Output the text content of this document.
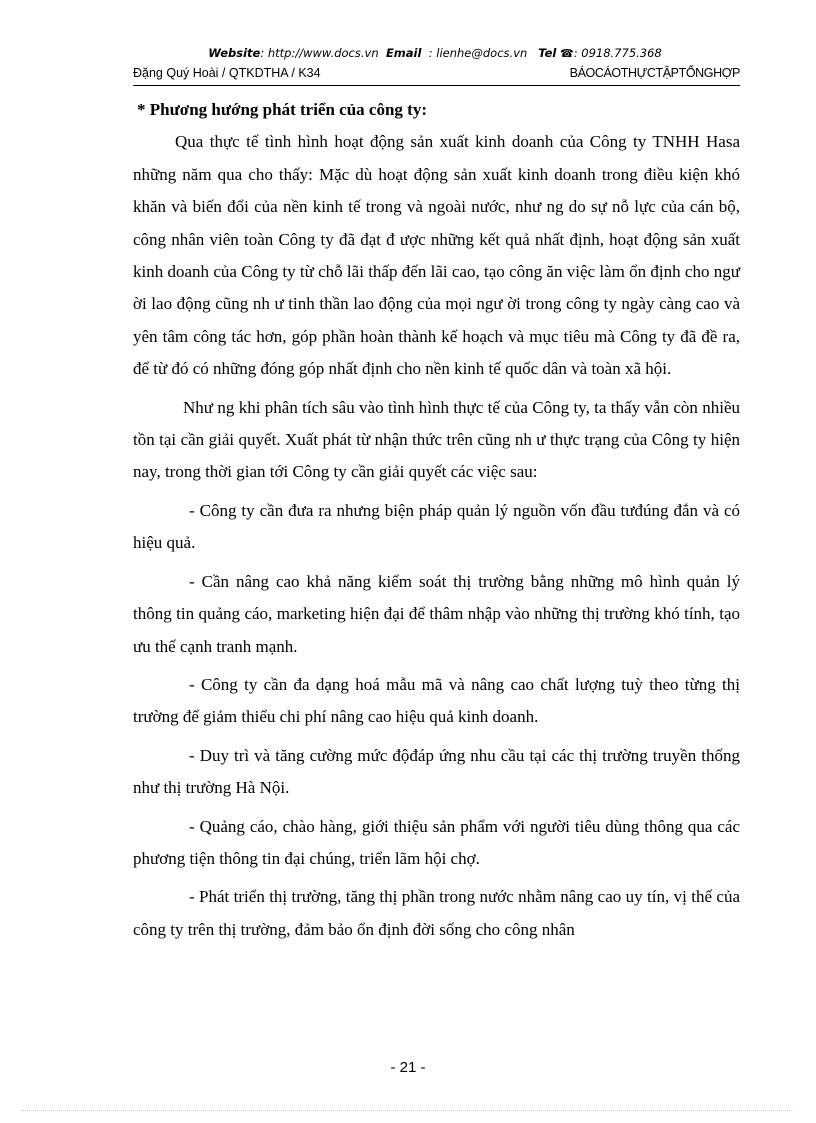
Website: http://www.docs.vn Email : lienhe@docs.vn Tel ☎: 0918.775.368
Đặng Quý Hoài / QTKDTHA / K34	BÁOCÁOTHỰCTẬPTỔNGHỢP

* Phương hướng phát triển của công ty:

Qua thực tế tình hình hoạt động sản xuất kinh doanh của Công ty TNHH Hasa những năm qua cho thấy: Mặc dù hoạt động sản xuất kinh doanh trong điều kiện khó khăn và biến đổi của nền kinh tế trong và ngoài nước, như ng do sự nỗ lực của cán bộ, công nhân viên toàn Công ty đã đạt đ ược những kết quả nhất định, hoạt động sản xuất kinh doanh của Công ty từ chỗ lãi thấp đến lãi cao, tạo công ăn việc làm ổn định cho ngư ời lao động cũng nh ư tinh thần lao động của mọi ngư ời trong công ty ngày càng cao và yên tâm công tác hơn, góp phần hoàn thành kế hoạch và mục tiêu mà Công ty đã đề ra, để từ đó có những đóng góp nhất định cho nền kinh tế quốc dân và toàn xã hội.

Như ng khi phân tích sâu vào tình hình thực tế của Công ty, ta thấy vẫn còn nhiều tồn tại cần giải quyết. Xuất phát từ nhận thức trên cũng nh ư thực trạng của Công ty hiện nay, trong thời gian tới Công ty cần giải quyết các việc sau:

- Công ty cần đưa ra nhưng biện pháp quản lý nguồn vốn đầu tưđúng đắn và có hiệu quả.

- Cần nâng cao khả năng kiểm soát thị trường bằng những mô hình quản lý thông tin quảng cáo, marketing hiện đại để thâm nhập vào những thị trường khó tính, tạo ưu thế cạnh tranh mạnh.

- Công ty cần đa dạng hoá mẫu mã và nâng cao chất lượng tuỳ theo từng thị trường để giảm thiểu chi phí nâng cao hiệu quả kinh doanh.

- Duy trì và tăng cường mức độđáp ứng nhu cầu tại các thị trường truyền thống như thị trường Hà Nội.

- Quảng cáo, chào hàng, giới thiệu sản phẩm với người tiêu dùng thông qua các phương tiện thông tin đại chúng, triển lãm hội chợ.

- Phát triển thị trường, tăng thị phần trong nước nhằm nâng cao uy tín, vị thế của công ty trên thị trường, đảm bảo ổn định đời sống cho công nhân

- 21 -
